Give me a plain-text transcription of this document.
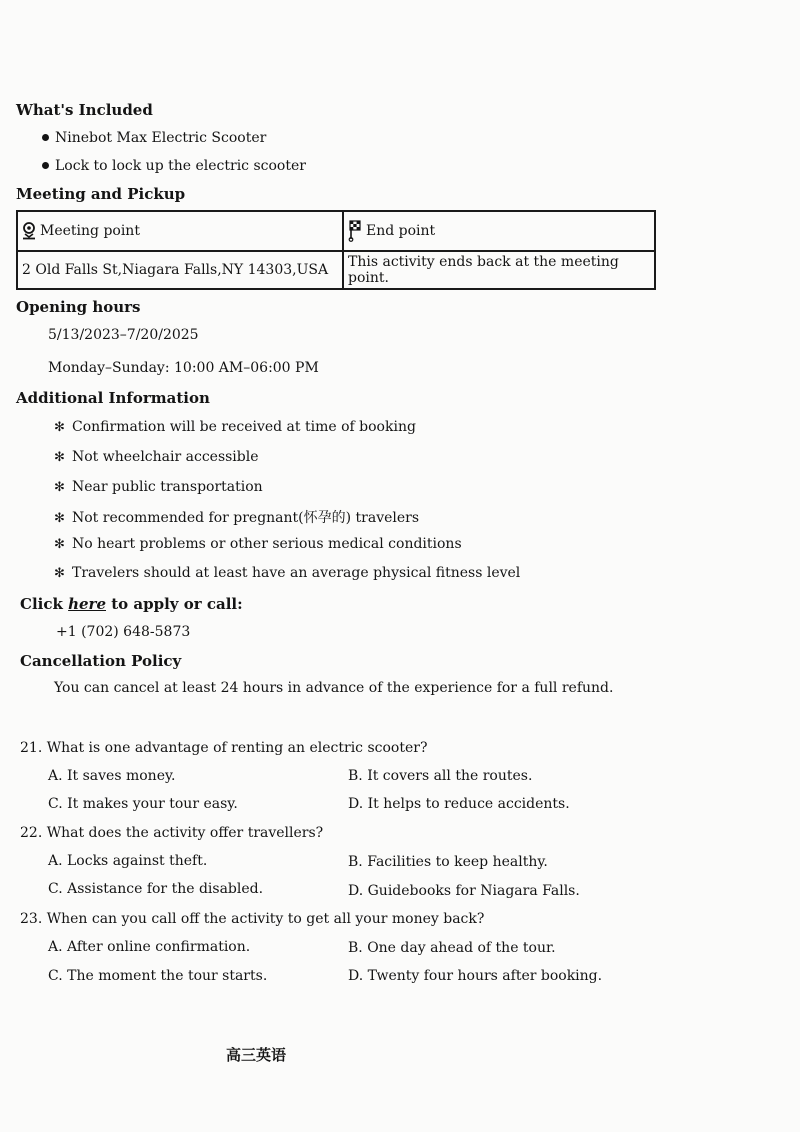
What's Included
Ninebot Max Electric Scooter
Lock to lock up the electric scooter
Meeting and Pickup
Meeting point	End point
2 Old Falls St,Niagara Falls,NY 14303,USA	This activity ends back at the meeting point.
Opening hours
5/13/2023–7/20/2025
Monday–Sunday: 10:00 AM–06:00 PM
Additional Information
✻ Confirmation will be received at time of booking
✻ Not wheelchair accessible
✻ Near public transportation
✻ Not recommended for pregnant(怀孕的) travelers
✻ No heart problems or other serious medical conditions
✻ Travelers should at least have an average physical fitness level
Click here to apply or call:
+1 (702) 648-5873
Cancellation Policy
You can cancel at least 24 hours in advance of the experience for a full refund.
21. What is one advantage of renting an electric scooter?
A. It saves money.	B. It covers all the routes.
C. It makes your tour easy.	D. It helps to reduce accidents.
22. What does the activity offer travellers?
A. Locks against theft.	B. Facilities to keep healthy.
C. Assistance for the disabled.	D. Guidebooks for Niagara Falls.
23. When can you call off the activity to get all your money back?
A. After online confirmation.	B. One day ahead of the tour.
C. The moment the tour starts.	D. Twenty four hours after booking.
高三英语
